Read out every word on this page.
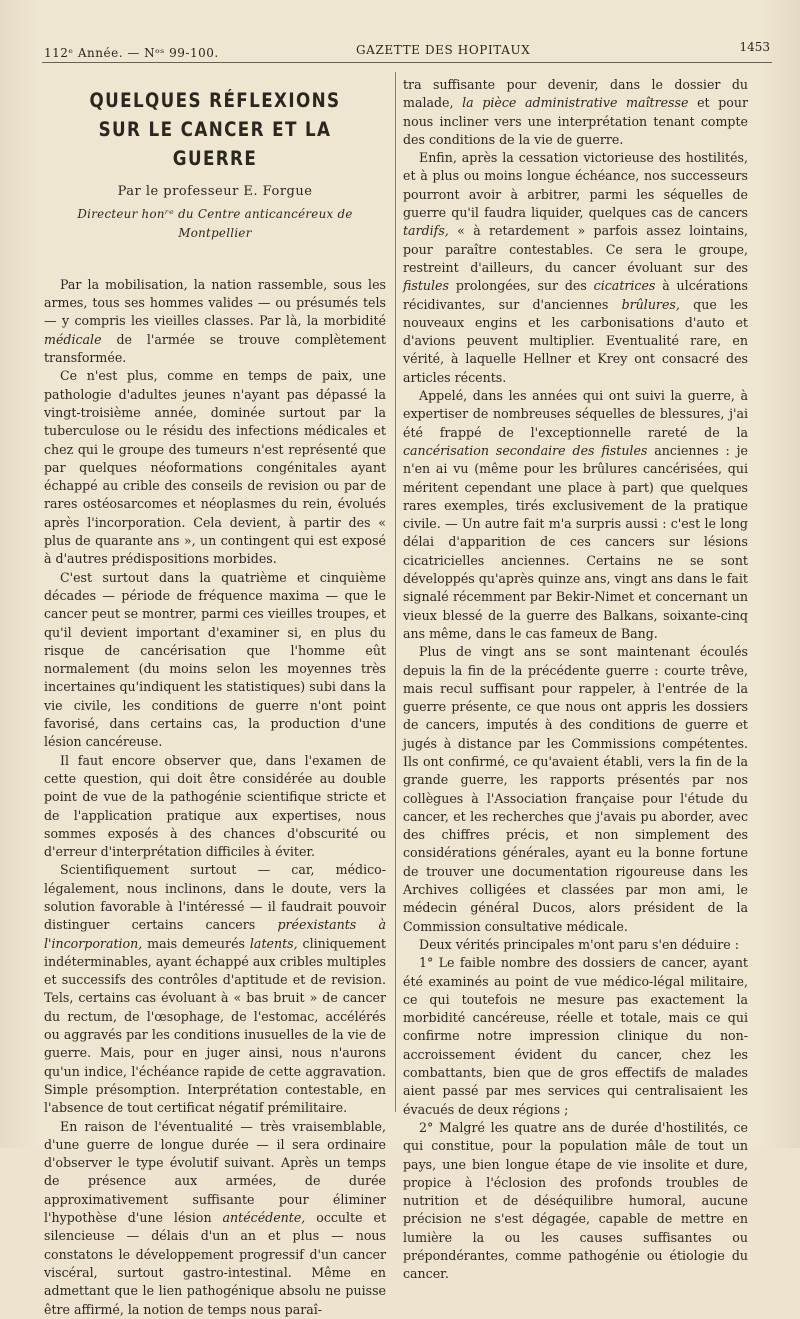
112ᵉ Année. — Nᵒˢ 99-100.	GAZETTE DES HOPITAUX	1453
QUELQUES RÉFLEXIONS
SUR LE CANCER ET LA GUERRE
Par le professeur E. Forgue
Directeur honʳᵉ du Centre anticancéreux de Montpellier

Par la mobilisation, la nation rassemble, sous les armes, tous ses hommes valides — ou présumés tels — y compris les vieilles classes. Par là, la morbidité médicale de l'armée se trouve complètement transformée.

Ce n'est plus, comme en temps de paix, une pathologie d'adultes jeunes n'ayant pas dépassé la vingt-troisième année, dominée surtout par la tuberculose ou le résidu des infections médicales et chez qui le groupe des tumeurs n'est représenté que par quelques néoformations congénitales ayant échappé au crible des conseils de revision ou par de rares ostéosarcomes et néoplasmes du rein, évolués après l'incorporation. Cela devient, à partir des « plus de quarante ans », un contingent qui est exposé à d'autres prédispositions morbides.

C'est surtout dans la quatrième et cinquième décades — période de fréquence maxima — que le cancer peut se montrer, parmi ces vieilles troupes, et qu'il devient important d'examiner si, en plus du risque de cancérisation que l'homme eût normalement (du moins selon les moyennes très incertaines qu'indiquent les statistiques) subi dans la vie civile, les conditions de guerre n'ont point favorisé, dans certains cas, la production d'une lésion cancéreuse.

Il faut encore observer que, dans l'examen de cette question, qui doit être considérée au double point de vue de la pathogénie scientifique stricte et de l'application pratique aux expertises, nous sommes exposés à des chances d'obscurité ou d'erreur d'interprétation difficiles à éviter.

Scientifiquement surtout — car, médico-légalement, nous inclinons, dans le doute, vers la solution favorable à l'intéressé — il faudrait pouvoir distinguer certains cancers préexistants à l'incorporation, mais demeurés latents, cliniquement indéterminables, ayant échappé aux cribles multiples et successifs des contrôles d'aptitude et de revision. Tels, certains cas évoluant à « bas bruit » de cancer du rectum, de l'œsophage, de l'estomac, accélérés ou aggravés par les conditions inusuelles de la vie de guerre. Mais, pour en juger ainsi, nous n'aurons qu'un indice, l'échéance rapide de cette aggravation. Simple présomption. Interprétation contestable, en l'absence de tout certificat négatif prémilitaire.

En raison de l'éventualité — très vraisemblable, d'une guerre de longue durée — il sera ordinaire d'observer le type évolutif suivant. Après un temps de présence aux armées, de durée approximativement suffisante pour éliminer l'hypothèse d'une lésion antécédente, occulte et silencieuse — délais d'un an et plus — nous constatons le développement progressif d'un cancer viscéral, surtout gastro-intestinal. Même en admettant que le lien pathogénique absolu ne puisse être affirmé, la notion de temps nous paraî-

tra suffisante pour devenir, dans le dossier du malade, la pièce administrative maîtresse et pour nous incliner vers une interprétation tenant compte des conditions de la vie de guerre.

Enfin, après la cessation victorieuse des hostilités, et à plus ou moins longue échéance, nos successeurs pourront avoir à arbitrer, parmi les séquelles de guerre qu'il faudra liquider, quelques cas de cancers tardifs, « à retardement » parfois assez lointains, pour paraître contestables. Ce sera le groupe, restreint d'ailleurs, du cancer évoluant sur des fistules prolongées, sur des cicatrices à ulcérations récidivantes, sur d'anciennes brûlures, que les nouveaux engins et les carbonisations d'auto et d'avions peuvent multiplier. Eventualité rare, en vérité, à laquelle Hellner et Krey ont consacré des articles récents.

Appelé, dans les années qui ont suivi la guerre, à expertiser de nombreuses séquelles de blessures, j'ai été frappé de l'exceptionnelle rareté de la cancérisation secondaire des fistules anciennes : je n'en ai vu (même pour les brûlures cancérisées, qui méritent cependant une place à part) que quelques rares exemples, tirés exclusivement de la pratique civile. — Un autre fait m'a surpris aussi : c'est le long délai d'apparition de ces cancers sur lésions cicatricielles anciennes. Certains ne se sont développés qu'après quinze ans, vingt ans dans le fait signalé récemment par Bekir-Nimet et concernant un vieux blessé de la guerre des Balkans, soixante-cinq ans même, dans le cas fameux de Bang.

Plus de vingt ans se sont maintenant écoulés depuis la fin de la précédente guerre : courte trêve, mais recul suffisant pour rappeler, à l'entrée de la guerre présente, ce que nous ont appris les dossiers de cancers, imputés à des conditions de guerre et jugés à distance par les Commissions compétentes. Ils ont confirmé, ce qu'avaient établi, vers la fin de la grande guerre, les rapports présentés par nos collègues à l'Association française pour l'étude du cancer, et les recherches que j'avais pu aborder, avec des chiffres précis, et non simplement des considérations générales, ayant eu la bonne fortune de trouver une documentation rigoureuse dans les Archives colligées et classées par mon ami, le médecin général Ducos, alors président de la Commission consultative médicale.

Deux vérités principales m'ont paru s'en déduire :

1° Le faible nombre des dossiers de cancer, ayant été examinés au point de vue médico-légal militaire, ce qui toutefois ne mesure pas exactement la morbidité cancéreuse, réelle et totale, mais ce qui confirme notre impression clinique du non-accroissement évident du cancer, chez les combattants, bien que de gros effectifs de malades aient passé par mes services qui centralisaient les évacués de deux régions ;

2° Malgré les quatre ans de durée d'hostilités, ce qui constitue, pour la population mâle de tout un pays, une bien longue étape de vie insolite et dure, propice à l'éclosion des profonds troubles de nutrition et de déséquilibre humoral, aucune précision ne s'est dégagée, capable de mettre en lumière la ou les causes suffisantes ou prépondérantes, comme pathogénie ou étiologie du cancer.
